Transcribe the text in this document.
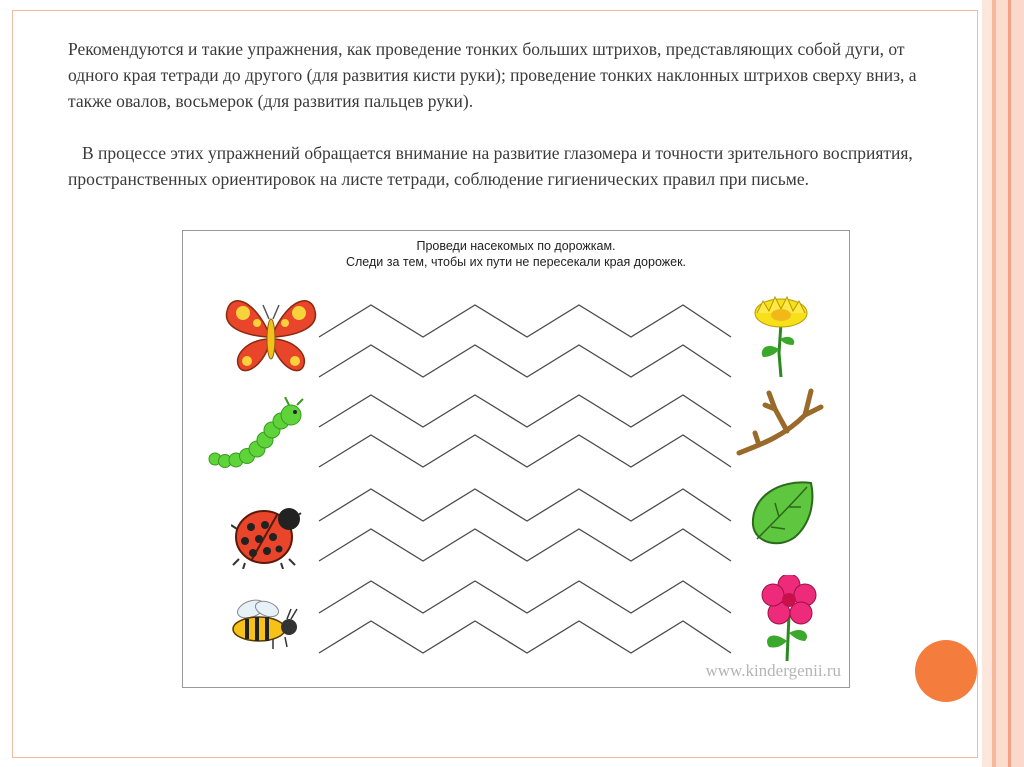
Рекомендуются и такие упражнения, как проведение тонких больших штрихов, представляющих собой дуги, от одного края тетради до другого (для развития кисти руки); проведение тонких наклонных штрихов сверху вниз, а также овалов, восьмерок (для развития пальцев руки).

В процессе этих упражнений обращается внимание на развитие глазомера и точности зрительного восприятия, пространственных ориентировок на листе тетради, соблюдение гигиенических правил при письме.

Проведи насекомых по дорожкам.
Следи за тем, чтобы их пути не пересекали края дорожек.
www.kindergenii.ru
